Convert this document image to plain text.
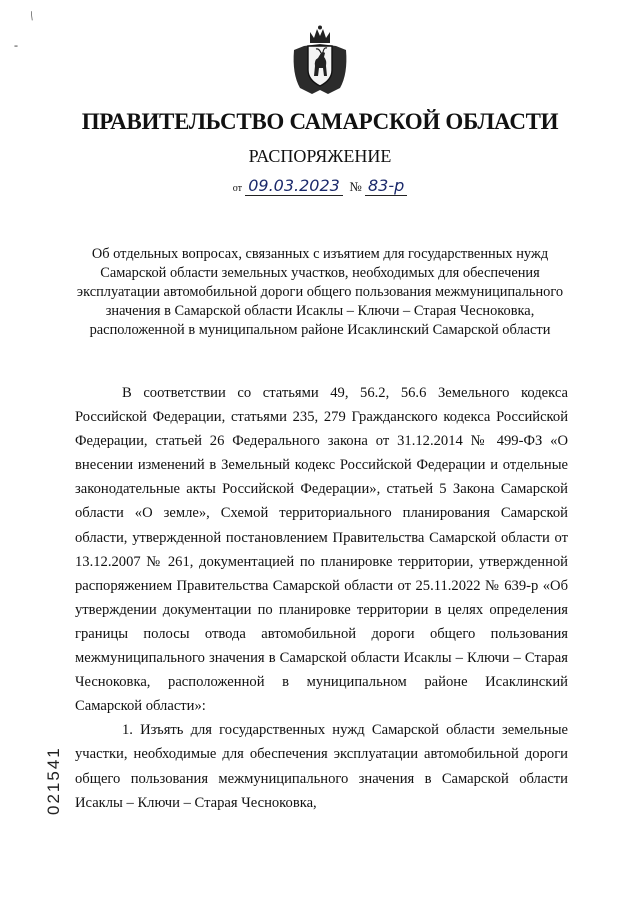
/
-
ПРАВИТЕЛЬСТВО САМАРСКОЙ ОБЛАСТИ
РАСПОРЯЖЕНИЕ
от 09.03.2023 № 83-р
Об отдельных вопросах, связанных с изъятием для государственных нужд Самарской области земельных участков, необходимых для обеспечения эксплуатации автомобильной дороги общего пользования межмуниципального значения в Самарской области Исаклы – Ключи – Старая Чесноковка, расположенной в муниципальном районе Исаклинский Самарской области

В соответствии со статьями 49, 56.2, 56.6 Земельного кодекса Российской Федерации, статьями 235, 279 Гражданского кодекса Российской Федерации, статьей 26 Федерального закона от 31.12.2014 № 499-ФЗ «О внесении изменений в Земельный кодекс Российской Федерации и отдельные законодательные акты Российской Федерации», статьей 5 Закона Самарской области «О земле», Схемой территориального планирования Самарской области, утвержденной постановлением Правительства Самарской области от 13.12.2007 № 261, документацией по планировке территории, утвержденной распоряжением Правительства Самарской области от 25.11.2022 № 639-р «Об утверждении документации по планировке территории в целях определения границы полосы отвода автомобильной дороги общего пользования межмуниципального значения в Самарской области Исаклы – Ключи – Старая Чесноковка, расположенной в муниципальном районе Исаклинский Самарской области»:

1. Изъять для государственных нужд Самарской области земельные участки, необходимые для обеспечения эксплуатации автомобильной дороги общего пользования межмуниципального значения в Самарской области Исаклы – Ключи – Старая Чесноковка,

021541
